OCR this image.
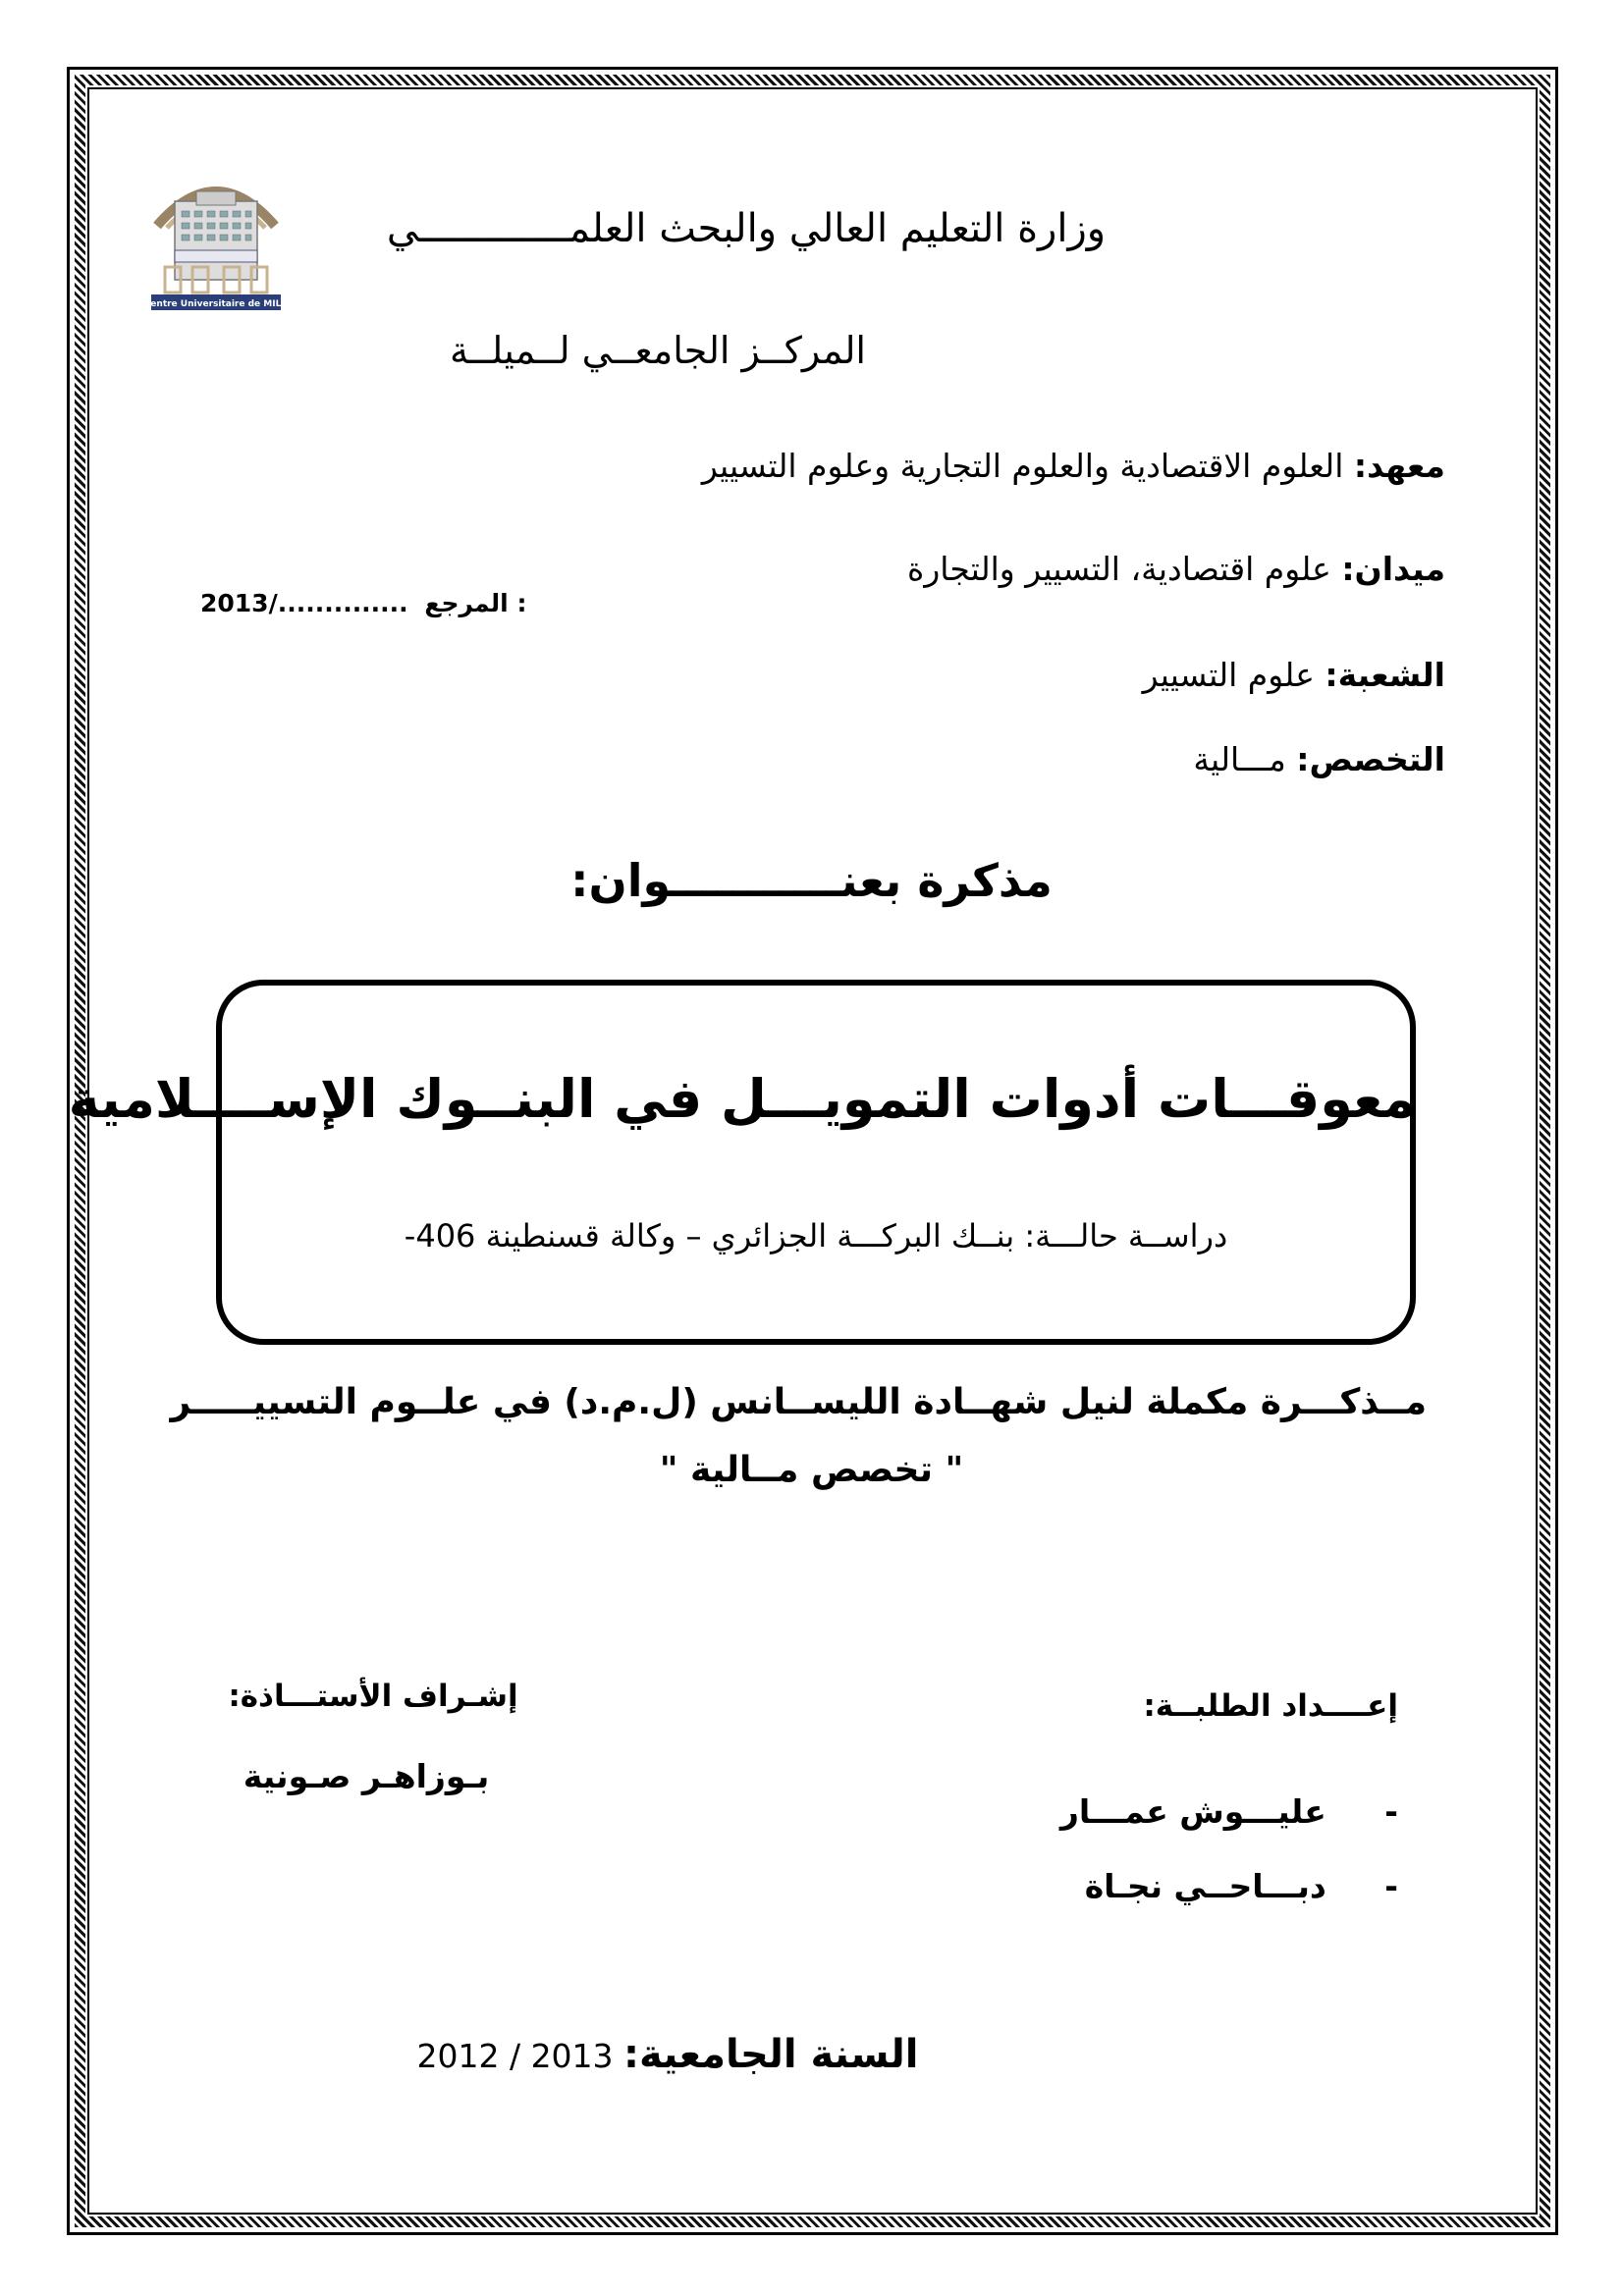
Centre Universitaire de MILA
وزارة التعليم العالي والبحث العلمـــــــــــــي
المركــز الجامعــي لــميلــة
معهد: العلوم الاقتصادية والعلوم التجارية وعلوم التسيير
ميدان: علوم اقتصادية، التسيير والتجارة
الشعبة: علوم التسيير
التخصص: مـــالية
2013/.............. المرجع :
مذكرة بعنـــــــــــوان:
معوقـــات أدوات التمويـــل في البنــوك الإســــلامية
دراســة حالـــة: بنــك البركـــة الجزائري – وكالة قسنطينة 406-
مــذكـــرة مكملة لنيل شهــادة الليســانس (ل.م.د) في علــوم التسييـــــر
" تخصص مــالية "
إشـراف الأستـــاذة:
بـوزاهـر صـونية
إعــــداد الطلبــة:
- عليـــوش عمـــار
- دبـــاحــي نجـاة
السنة الجامعية: 2012 / 2013
